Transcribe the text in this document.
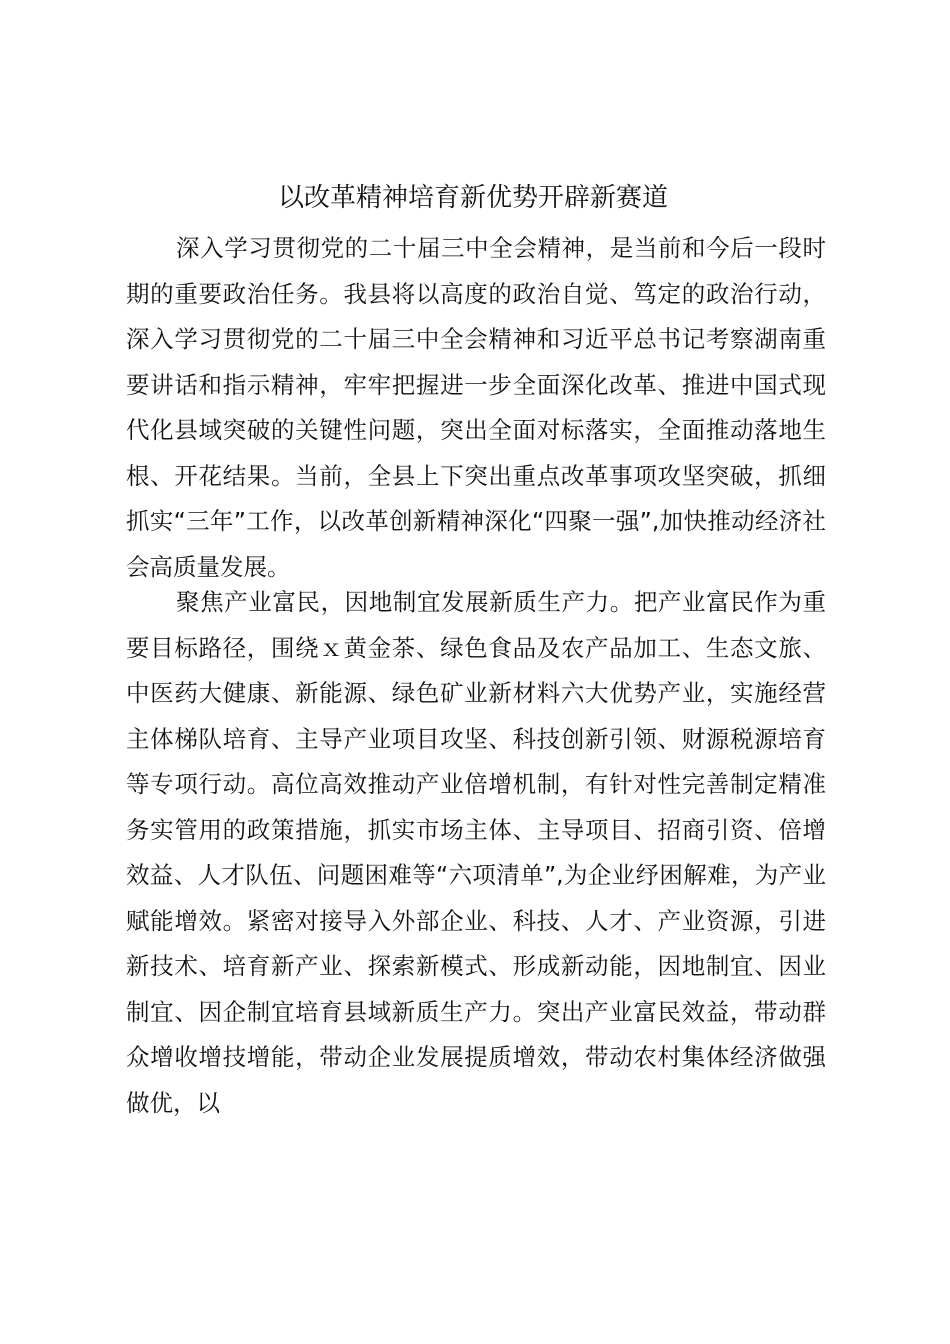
以改革精神培育新优势开辟新赛道

深入学习贯彻党的二十届三中全会精神，是当前和今后一段时期的重要政治任务。我县将以高度的政治自觉、笃定的政治行动，深入学习贯彻党的二十届三中全会精神和习近平总书记考察湖南重要讲话和指示精神，牢牢把握进一步全面深化改革、推进中国式现代化县域突破的关键性问题，突出全面对标落实，全面推动落地生根、开花结果。当前，全县上下突出重点改革事项攻坚突破，抓细抓实“三年”工作，以改革创新精神深化“四聚一强”,加快推动经济社会高质量发展。

聚焦产业富民，因地制宜发展新质生产力。把产业富民作为重要目标路径，围绕ｘ黄金茶、绿色食品及农产品加工、生态文旅、中医药大健康、新能源、绿色矿业新材料六大优势产业，实施经营主体梯队培育、主导产业项目攻坚、科技创新引领、财源税源培育等专项行动。高位高效推动产业倍增机制，有针对性完善制定精准务实管用的政策措施，抓实市场主体、主导项目、招商引资、倍增效益、人才队伍、问题困难等“六项清单”,为企业纾困解难，为产业赋能增效。紧密对接导入外部企业、科技、人才、产业资源，引进新技术、培育新产业、探索新模式、形成新动能，因地制宜、因业制宜、因企制宜培育县域新质生产力。突出产业富民效益，带动群众增收增技增能，带动企业发展提质增效，带动农村集体经济做强做优，以
